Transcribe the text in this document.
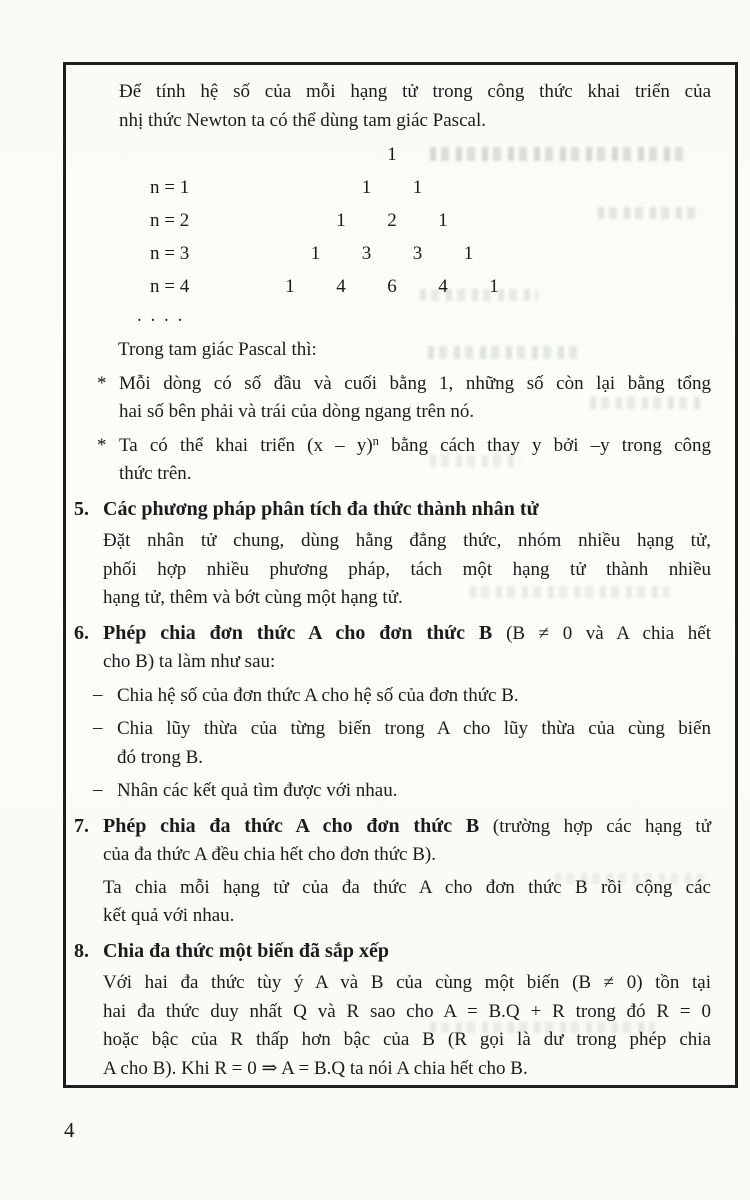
Để tính hệ số của mỗi hạng tử trong công thức khai triển của
nhị thức Newton ta có thể dùng tam giác Pascal.
1
n = 1	1	1
n = 2	1	2	1
n = 3	1	3	3	1
n = 4	1	4	6	4	1
. . . .
Trong tam giác Pascal thì:
* Mỗi dòng có số đầu và cuối bằng 1, những số còn lại bằng tổng
hai số bên phải và trái của dòng ngang trên nó.
* Ta có thể khai triển (x – y)$^n$ bằng cách thay y bởi –y trong công
thức trên.
5. Các phương pháp phân tích đa thức thành nhân tử
Đặt nhân tử chung, dùng hằng đẳng thức, nhóm nhiều hạng tử,
phối hợp nhiều phương pháp, tách một hạng tử thành nhiều
hạng tử, thêm và bớt cùng một hạng tử.
6. Phép chia đơn thức A cho đơn thức B (B ≠ 0 và A chia hết
cho B) ta làm như sau:
– Chia hệ số của đơn thức A cho hệ số của đơn thức B.
– Chia lũy thừa của từng biến trong A cho lũy thừa của cùng biến
đó trong B.
– Nhân các kết quả tìm được với nhau.
7. Phép chia đa thức A cho đơn thức B (trường hợp các hạng tử
của đa thức A đều chia hết cho đơn thức B).
Ta chia mỗi hạng tử của đa thức A cho đơn thức B rồi cộng các
kết quả với nhau.
8. Chia đa thức một biến đã sắp xếp
Với hai đa thức tùy ý A và B của cùng một biến (B ≠ 0) tồn tại
hai đa thức duy nhất Q và R sao cho A = B.Q + R trong đó R = 0
hoặc bậc của R thấp hơn bậc của B (R gọi là dư trong phép chia
A cho B). Khi R = 0 ⇒ A = B.Q ta nói A chia hết cho B.
4
